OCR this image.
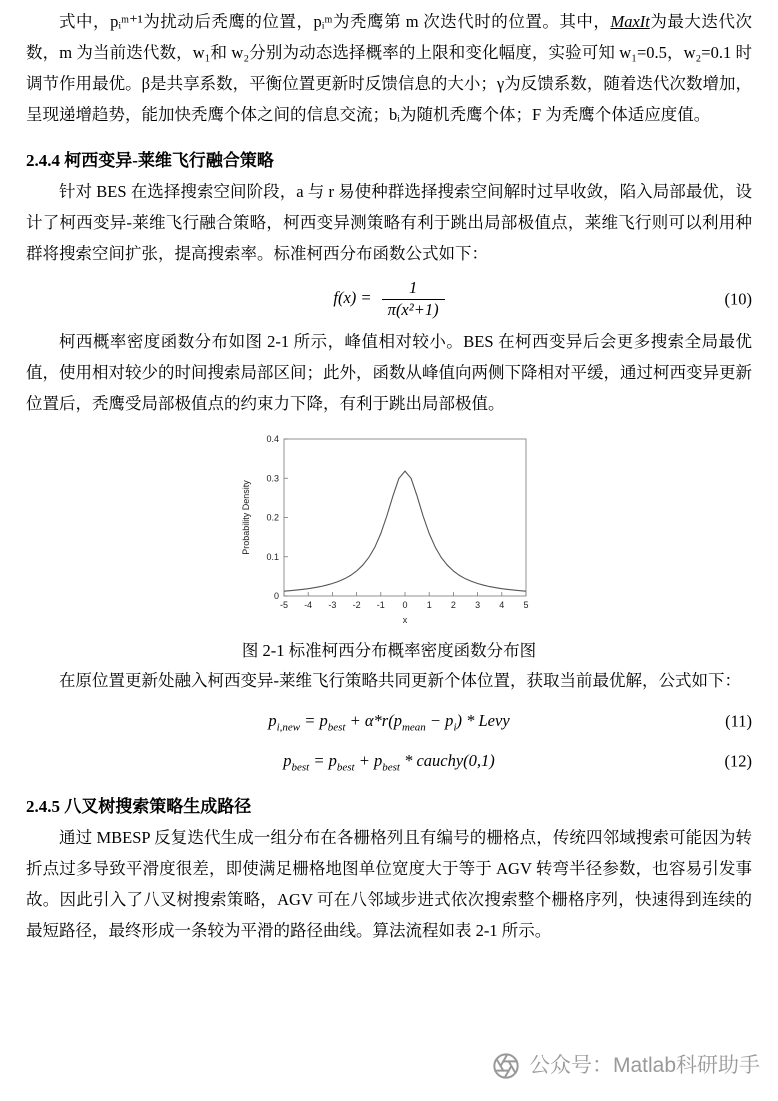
式中，pᵢᵐ⁺¹为扰动后秃鹰的位置，pᵢᵐ为秃鹰第 m 次迭代时的位置。其中，MaxIt为最大迭代次数，m 为当前迭代数，w₁和 w₂分别为动态选择概率的上限和变化幅度，实验可知 w₁=0.5，w₂=0.1 时调节作用最优。β是共享系数，平衡位置更新时反馈信息的大小；γ为反馈系数，随着迭代次数增加，呈现递增趋势，能加快秃鹰个体之间的信息交流；bᵢ为随机秃鹰个体；F 为秃鹰个体适应度值。

2.4.4 柯西变异-莱维飞行融合策略

针对 BES 在选择搜索空间阶段，a 与 r 易使种群选择搜索空间解时过早收敛，陷入局部最优，设计了柯西变异-莱维飞行融合策略，柯西变异测策略有利于跳出局部极值点，莱维飞行则可以利用种群将搜索空间扩张，提高搜索率。标准柯西分布函数公式如下：

$f(x) = \frac{1}{\text{π(x²+1)}}$	(10)

柯西概率密度函数分布如图 2-1 所示，峰值相对较小。BES 在柯西变异后会更多搜索全局最优值，使用相对较少的时间搜索局部区间；此外，函数从峰值向两侧下降相对平缓，通过柯西变异更新位置后，秃鹰受局部极值点的约束力下降，有利于跳出局部极值。

-5 -4 -3 -2 -1 0 1 2 3 4 5
0
0.1
0.2
0.3
0.4
x
Probability Density

图 2-1 标准柯西分布概率密度函数分布图

在原位置更新处融入柯西变异-莱维飞行策略共同更新个体位置，获取当前最优解，公式如下：

$p_{i,new} = p_{best} + \alpha*r(p_{mean} - p_i)$ * Levy	(11)
$p_{best} = p_{best} + p_{best}$ * cauchy(0,1)	(12)
2.4.5 八叉树搜索策略生成路径

通过 MBESP 反复迭代生成一组分布在各栅格列且有编号的栅格点，传统四邻域搜索可能因为转折点过多导致平滑度很差，即使满足栅格地图单位宽度大于等于 AGV 转弯半径参数，也容易引发事故。因此引入了八叉树搜索策略，AGV 可在八邻域步进式依次搜索整个栅格序列，快速得到连续的最短路径，最终形成一条较为平滑的路径曲线。算法流程如表 2-1 所示。

公众号：Matlab科研助手
